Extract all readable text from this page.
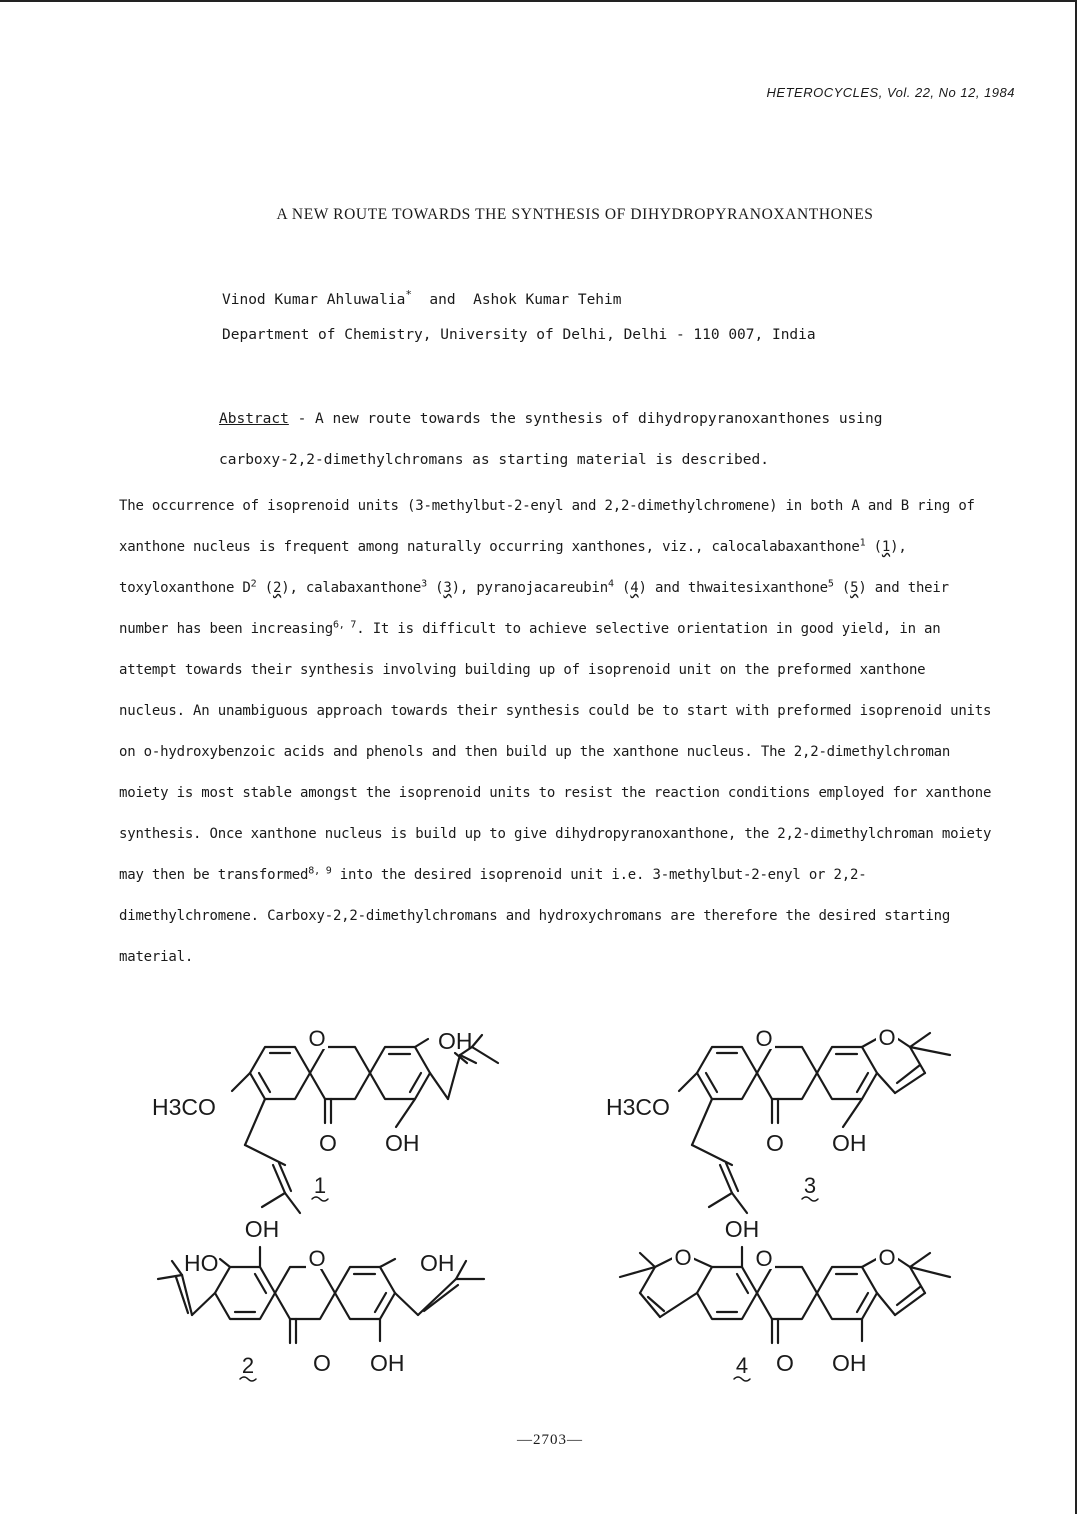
HETEROCYCLES, Vol. 22, No 12, 1984
A NEW ROUTE TOWARDS THE SYNTHESIS OF DIHYDROPYRANOXANTHONES
Vinod Kumar Ahluwalia* and Ashok Kumar Tehim
Department of Chemistry, University of Delhi, Delhi - 110 007, India
Abstract - A new route towards the synthesis of dihydropyranoxanthones using carboxy-2,2-dimethylchromans as starting material is described.

The occurrence of isoprenoid units (3-methylbut-2-enyl and 2,2-dimethylchromene) in both A and B ring of xanthone nucleus is frequent among naturally occurring xanthones, viz., calocalabaxanthone$^1$ (1), toxyloxanthone $D^2$ (2), calabaxanthone$^3$ (3), pyranojacareubin$^4$ (4) and thwaitesixanthone$^5$ (5) and their number has been increasing$^{6, 7}$. It is difficult to achieve selective orientation in good yield, in an attempt towards their synthesis involving building up of isoprenoid unit on the preformed xanthone nucleus. An unambiguous approach towards their synthesis could be to start with preformed isoprenoid units on o-hydroxybenzoic acids and phenols and then build up the xanthone nucleus. The 2,2-dimethylchroman moiety is most stable amongst the isoprenoid units to resist the reaction conditions employed for xanthone synthesis. Once xanthone nucleus is build up to give dihydropyranoxanthone, the 2,2-dimethylchroman moiety may then be transformed$^{8, 9}$ into the desired isoprenoid unit i.e. 3-methylbut-2-enyl or 2,2-dimethylchromene. Carboxy-2,2-dimethylchromans and hydroxychromans are therefore the desired starting material.

O	OH
OH
O
H3CO
1
O	O
OH
O
H3CO
3
O
OH
HO	OH
OH
O
2
O
O	O
OH
OH
O
4
—2703—
